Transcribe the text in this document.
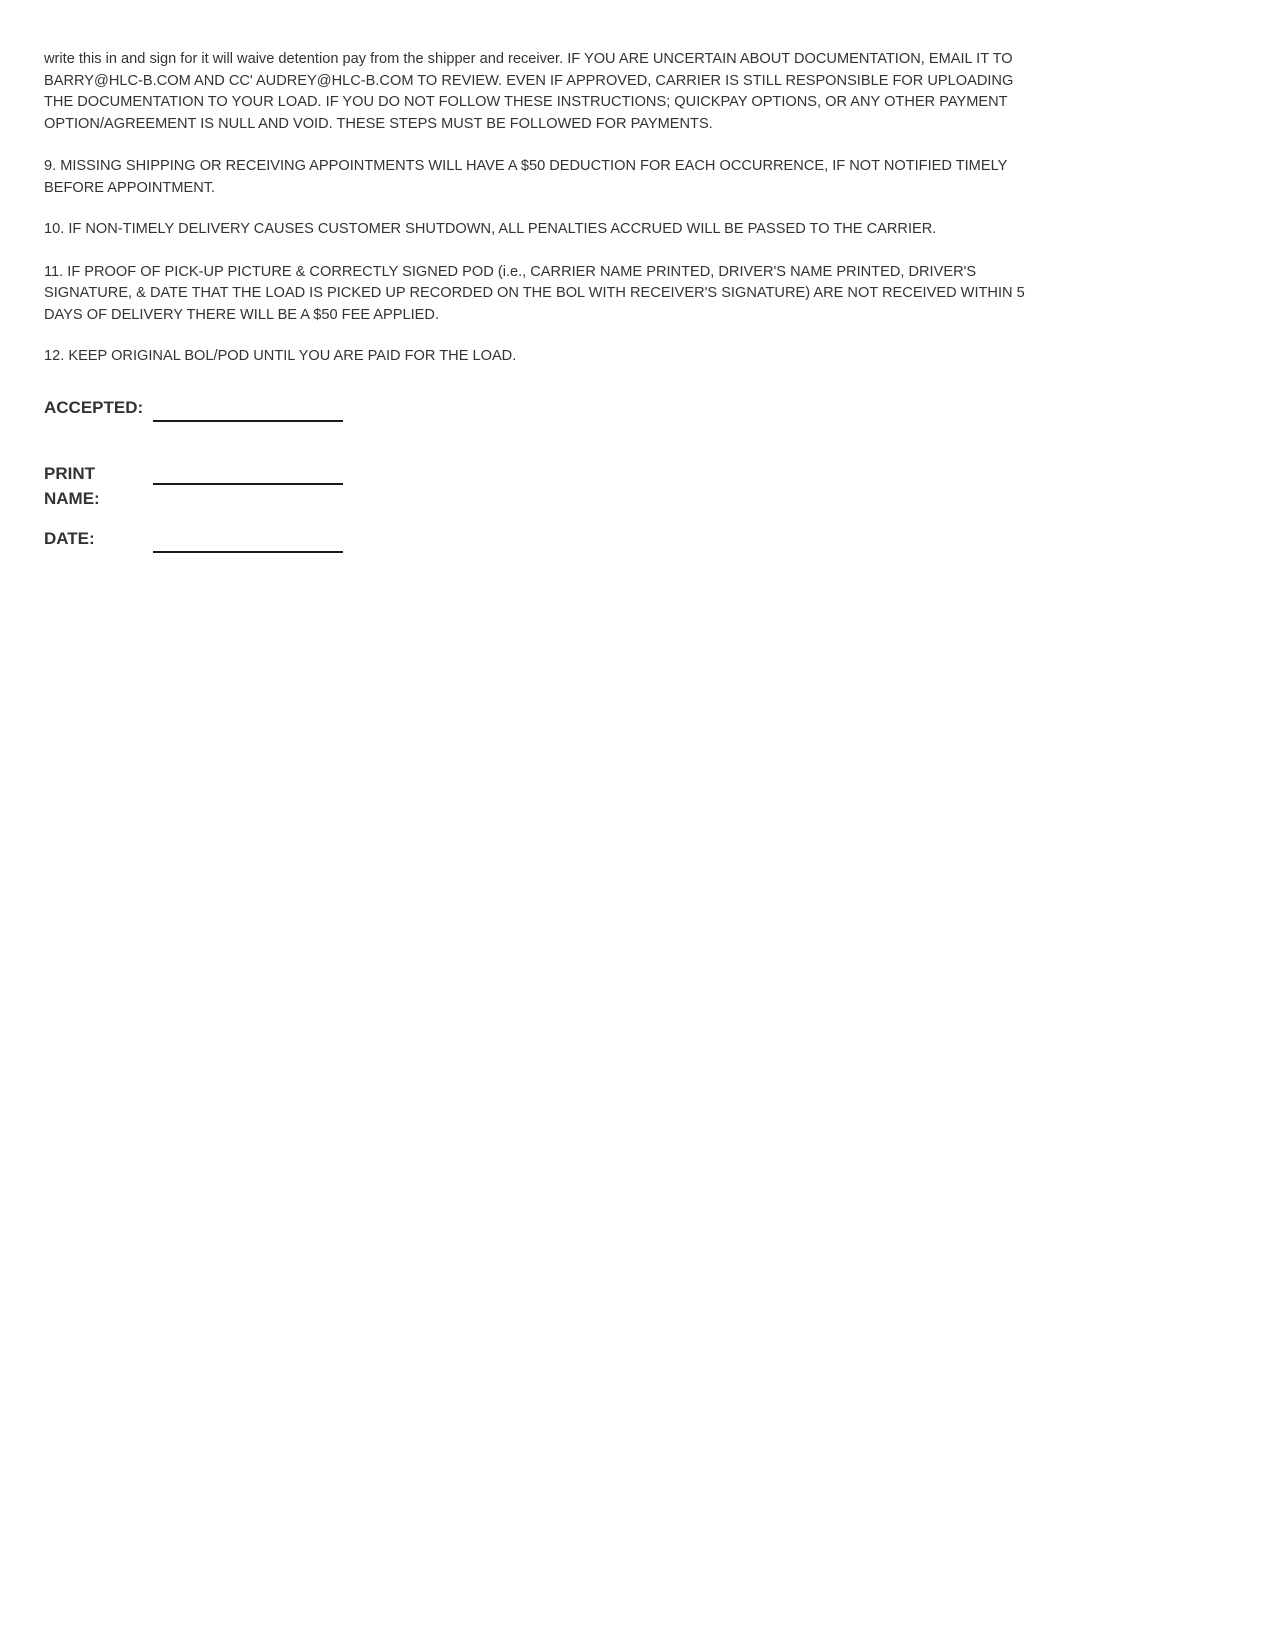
write this in and sign for it will waive detention pay from the shipper and receiver. IF YOU ARE UNCERTAIN ABOUT DOCUMENTATION, EMAIL IT TO BARRY@HLC-B.COM AND CC' AUDREY@HLC-B.COM TO REVIEW. EVEN IF APPROVED, CARRIER IS STILL RESPONSIBLE FOR UPLOADING THE DOCUMENTATION TO YOUR LOAD. IF YOU DO NOT FOLLOW THESE INSTRUCTIONS; QUICKPAY OPTIONS, OR ANY OTHER PAYMENT OPTION/AGREEMENT IS NULL AND VOID. THESE STEPS MUST BE FOLLOWED FOR PAYMENTS.

9. MISSING SHIPPING OR RECEIVING APPOINTMENTS WILL HAVE A $50 DEDUCTION FOR EACH OCCURRENCE, IF NOT NOTIFIED TIMELY BEFORE APPOINTMENT.

10. IF NON-TIMELY DELIVERY CAUSES CUSTOMER SHUTDOWN, ALL PENALTIES ACCRUED WILL BE PASSED TO THE CARRIER.

11. IF PROOF OF PICK-UP PICTURE & CORRECTLY SIGNED POD (i.e., CARRIER NAME PRINTED, DRIVER'S NAME PRINTED, DRIVER'S SIGNATURE, & DATE THAT THE LOAD IS PICKED UP RECORDED ON THE BOL WITH RECEIVER'S SIGNATURE) ARE NOT RECEIVED WITHIN 5 DAYS OF DELIVERY THERE WILL BE A $50 FEE APPLIED.

12. KEEP ORIGINAL BOL/POD UNTIL YOU ARE PAID FOR THE LOAD.

ACCEPTED:
PRINT
NAME:
DATE:
